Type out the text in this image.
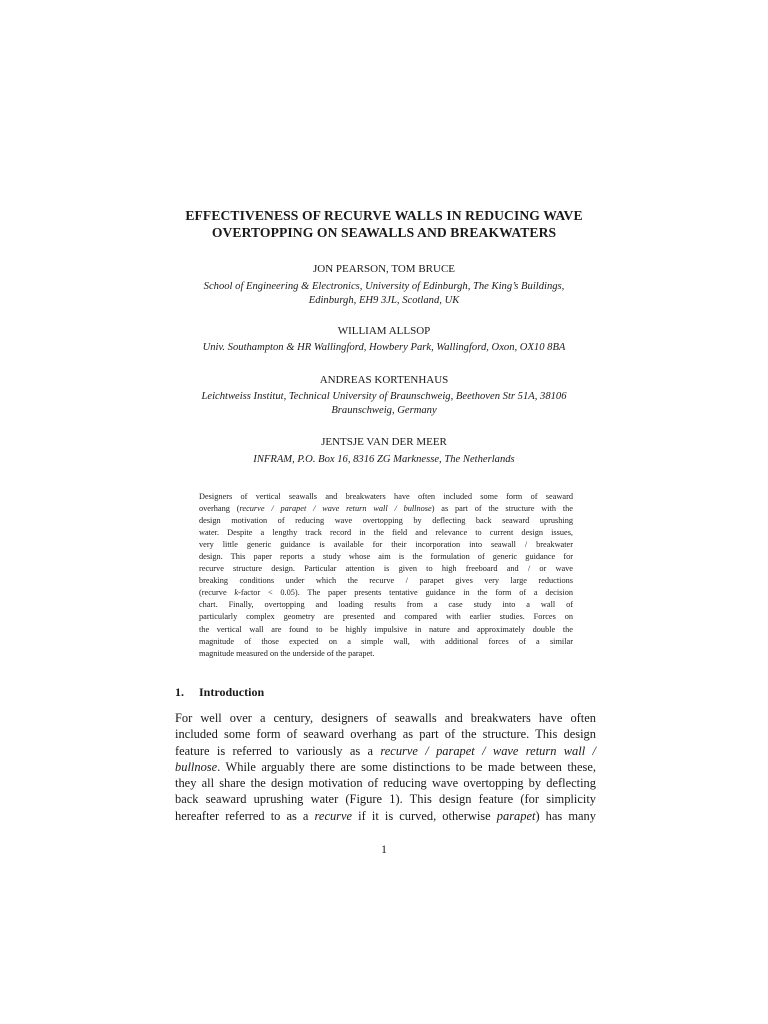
EFFECTIVENESS OF RECURVE WALLS IN REDUCING WAVE
OVERTOPPING ON SEAWALLS AND BREAKWATERS
JON PEARSON, TOM BRUCE
School of Engineering & Electronics, University of Edinburgh, The King’s Buildings,
Edinburgh, EH9 3JL, Scotland, UK
WILLIAM ALLSOP
Univ. Southampton & HR Wallingford, Howbery Park, Wallingford, Oxon, OX10 8BA
ANDREAS KORTENHAUS
Leichtweiss Institut, Technical University of Braunschweig, Beethoven Str 51A, 38106
Braunschweig, Germany
JENTSJE VAN DER MEER
INFRAM, P.O. Box 16, 8316 ZG Marknesse, The Netherlands
Designers of vertical seawalls and breakwaters have often included some form of seaward
overhang (recurve / parapet / wave return wall / bullnose) as part of the structure with the
design motivation of reducing wave overtopping by deflecting back seaward uprushing
water. Despite a lengthy track record in the field and relevance to current design issues,
very little generic guidance is available for their incorporation into seawall / breakwater
design. This paper reports a study whose aim is the formulation of generic guidance for
recurve structure design. Particular attention is given to high freeboard and / or wave
breaking conditions under which the recurve / parapet gives very large reductions
(recurve k-factor < 0.05). The paper presents tentative guidance in the form of a decision
chart. Finally, overtopping and loading results from a case study into a wall of
particularly complex geometry are presented and compared with earlier studies. Forces on
the vertical wall are found to be highly impulsive in nature and approximately double the
magnitude of those expected on a simple wall, with additional forces of a similar
magnitude measured on the underside of the parapet.
1. Introduction
For well over a century, designers of seawalls and breakwaters have often
included some form of seaward overhang as part of the structure. This design
feature is referred to variously as a recurve / parapet / wave return wall /
bullnose. While arguably there are some distinctions to be made between these,
they all share the design motivation of reducing wave overtopping by deflecting
back seaward uprushing water (Figure 1). This design feature (for simplicity
hereafter referred to as a recurve if it is curved, otherwise parapet) has many
1
